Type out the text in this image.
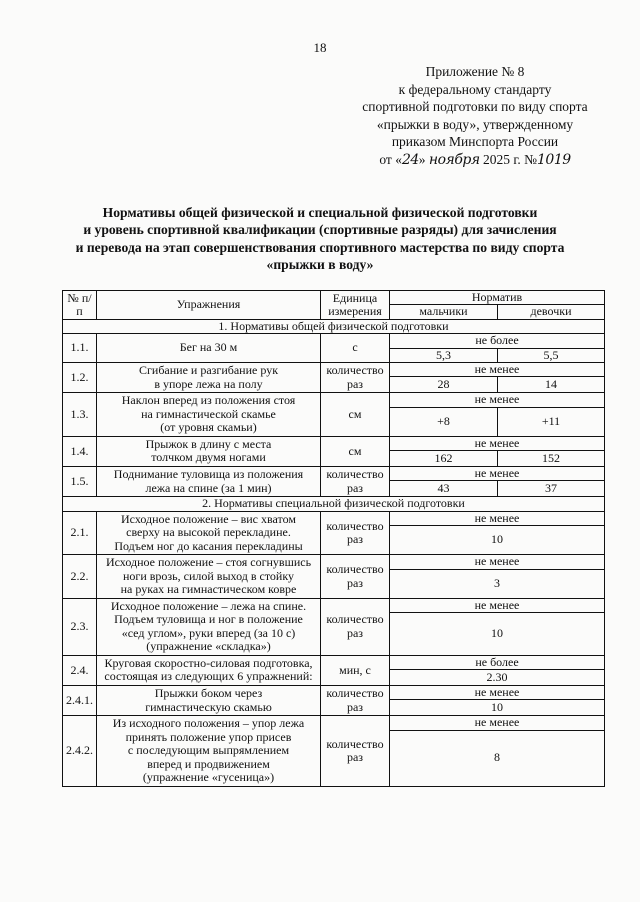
18
Приложение № 8
к федеральному стандарту
спортивной подготовки по виду спорта
«прыжки в воду», утвержденному
приказом Минспорта России
от «24» ноября 2025 г. №1019
Нормативы общей физической и специальной физической подготовки
и уровень спортивной квалификации (спортивные разряды) для зачисления
и перевода на этап совершенствования спортивного мастерства по виду спорта
«прыжки в воду»
№ п/п	Упражнения	Единица измерения	Норматив	
			мальчики	девочки
1. Нормативы общей физической подготовки				
1.1.	Бег на 30 м	с	не более	
			5,3	5,5
1.2.	Сгибание и разгибание рук
в упоре лежа на полу	количество раз	не менее	
			28	14
1.3.	Наклон вперед из положения стоя
на гимнастической скамье
(от уровня скамьи)	см	не менее	
			+8	+11
1.4.	Прыжок в длину с места
толчком двумя ногами	см	не менее	
			162	152
1.5.	Поднимание туловища из положения
лежа на спине (за 1 мин)	количество раз	не менее	
			43	37
2. Нормативы специальной физической подготовки				
2.1.	Исходное положение – вис хватом
сверху на высокой перекладине.
Подъем ног до касания перекладины	количество раз	не менее	
			10	
2.2.	Исходное положение – стоя согнувшись
ноги врозь, силой выход в стойку
на руках на гимнастическом ковре	количество раз	не менее	
			3	
2.3.	Исходное положение – лежа на спине.
Подъем туловища и ног в положение
«сед углом», руки вперед (за 10 с)
(упражнение «складка»)	количество раз	не менее	
			10	
2.4.	Круговая скоростно-силовая подготовка,
состоящая из следующих 6 упражнений:	мин, с	не более	
			2.30	
2.4.1.	Прыжки боком через
гимнастическую скамью	количество раз	не менее	
			10	
2.4.2.	Из исходного положения – упор лежа
принять положение упор присев
с последующим выпрямлением
вперед и продвижением
(упражнение «гусеница»)	количество раз	не менее	
			8	
